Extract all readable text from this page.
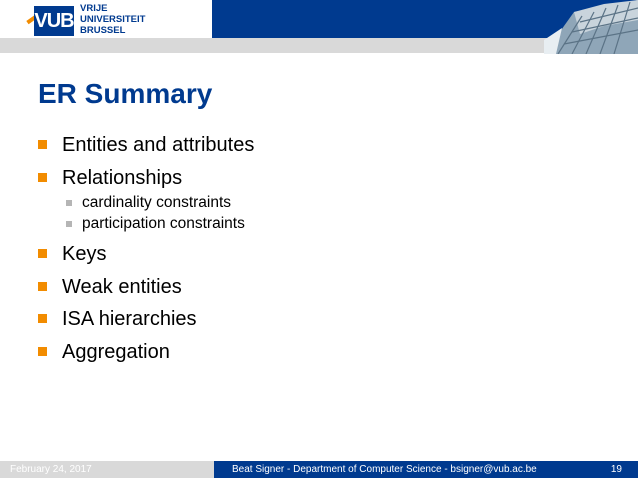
VUB
VRIJE
UNIVERSITEIT
BRUSSEL
ER Summary
Entities and attributes
Relationships
cardinality constraints
participation constraints
Keys
Weak entities
ISA hierarchies
Aggregation
February 24, 2017	Beat Signer - Department of Computer Science - bsigner@vub.ac.be	19
